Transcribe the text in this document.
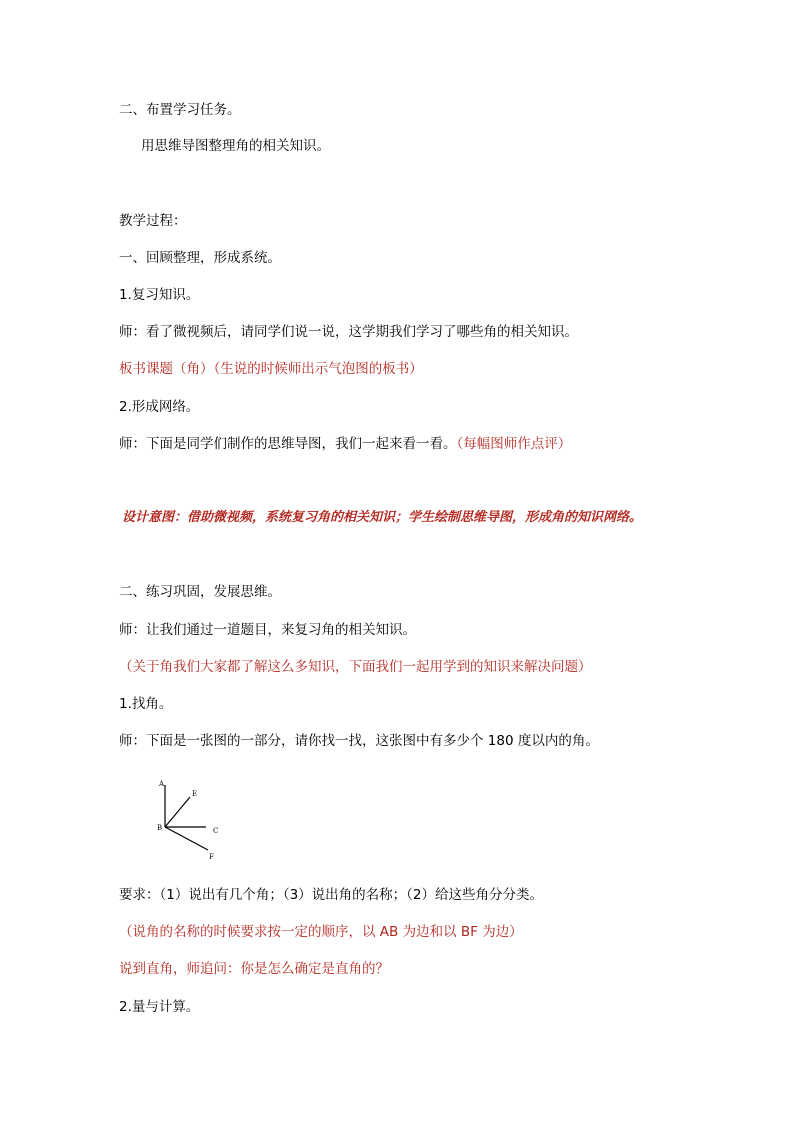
二、布置学习任务。
用思维导图整理角的相关知识。
教学过程：
一、回顾整理，形成系统。
1.复习知识。
师：看了微视频后，请同学们说一说，这学期我们学习了哪些角的相关知识。
板书课题（角）（生说的时候师出示气泡图的板书）
2.形成网络。
师：下面是同学们制作的思维导图，我们一起来看一看。（每幅图师作点评）
设计意图：借助微视频，系统复习角的相关知识；学生绘制思维导图，形成角的知识网络。
二、练习巩固，发展思维。
师：让我们通过一道题目，来复习角的相关知识。
（关于角我们大家都了解这么多知识，下面我们一起用学到的知识来解决问题）
1.找角。
师：下面是一张图的一部分，请你找一找，这张图中有多少个 180 度以内的角。
A
E
B	C
F
要求：（1）说出有几个角；（3）说出角的名称；（2）给这些角分分类。
（说角的名称的时候要求按一定的顺序，以 AB 为边和以 BF 为边）
说到直角，师追问：你是怎么确定是直角的？
2.量与计算。
